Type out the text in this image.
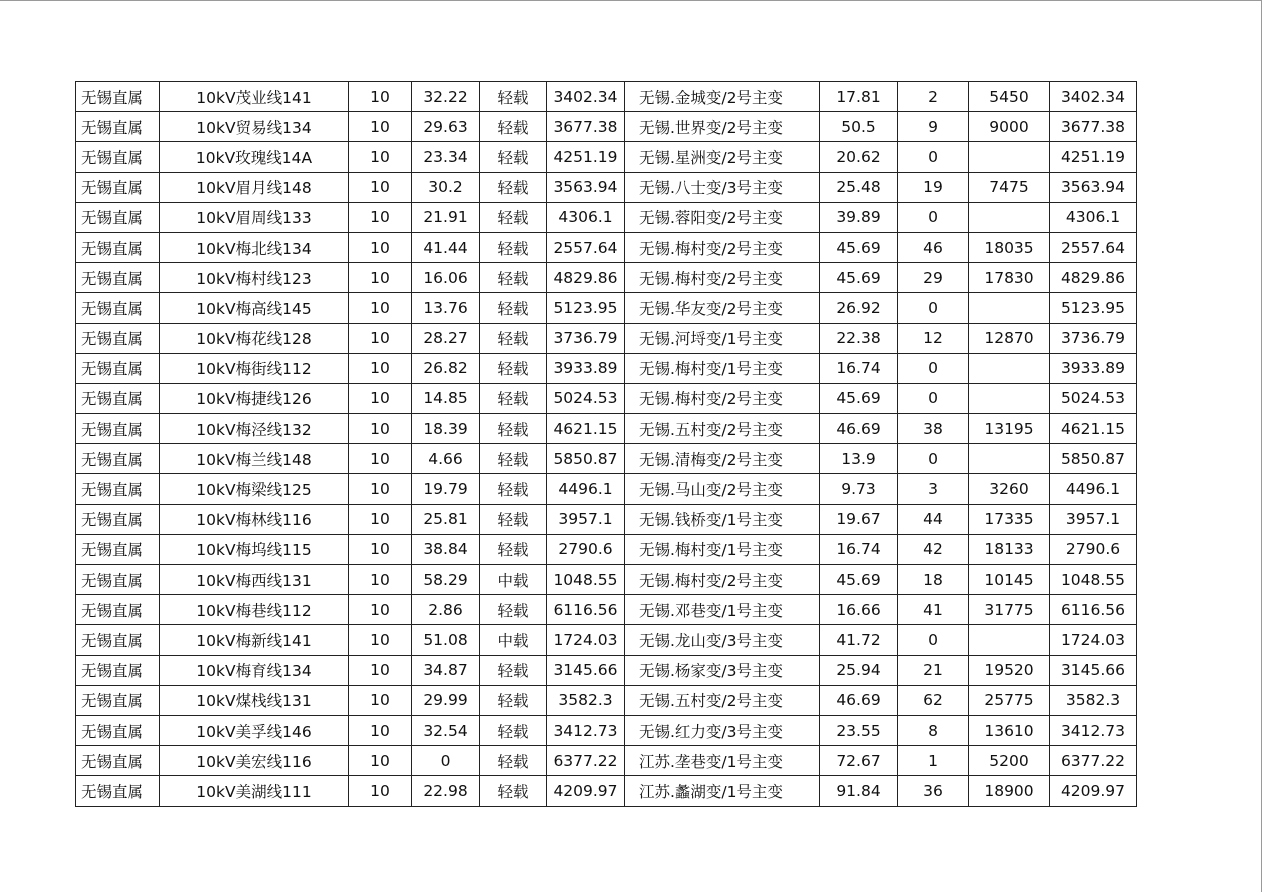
无锡直属	10kV茂业线141	10	32.22	轻载	3402.34	无锡.金城变/2号主变	17.81	2	5450	3402.34
无锡直属	10kV贸易线134	10	29.63	轻载	3677.38	无锡.世界变/2号主变	50.5	9	9000	3677.38
无锡直属	10kV玫瑰线14A	10	23.34	轻载	4251.19	无锡.星洲变/2号主变	20.62	0		4251.19
无锡直属	10kV眉月线148	10	30.2	轻载	3563.94	无锡.八士变/3号主变	25.48	19	7475	3563.94
无锡直属	10kV眉周线133	10	21.91	轻载	4306.1	无锡.蓉阳变/2号主变	39.89	0		4306.1
无锡直属	10kV梅北线134	10	41.44	轻载	2557.64	无锡.梅村变/2号主变	45.69	46	18035	2557.64
无锡直属	10kV梅村线123	10	16.06	轻载	4829.86	无锡.梅村变/2号主变	45.69	29	17830	4829.86
无锡直属	10kV梅高线145	10	13.76	轻载	5123.95	无锡.华友变/2号主变	26.92	0		5123.95
无锡直属	10kV梅花线128	10	28.27	轻载	3736.79	无锡.河埒变/1号主变	22.38	12	12870	3736.79
无锡直属	10kV梅街线112	10	26.82	轻载	3933.89	无锡.梅村变/1号主变	16.74	0		3933.89
无锡直属	10kV梅捷线126	10	14.85	轻载	5024.53	无锡.梅村变/2号主变	45.69	0		5024.53
无锡直属	10kV梅泾线132	10	18.39	轻载	4621.15	无锡.五村变/2号主变	46.69	38	13195	4621.15
无锡直属	10kV梅兰线148	10	4.66	轻载	5850.87	无锡.清梅变/2号主变	13.9	0		5850.87
无锡直属	10kV梅梁线125	10	19.79	轻载	4496.1	无锡.马山变/2号主变	9.73	3	3260	4496.1
无锡直属	10kV梅林线116	10	25.81	轻载	3957.1	无锡.钱桥变/1号主变	19.67	44	17335	3957.1
无锡直属	10kV梅坞线115	10	38.84	轻载	2790.6	无锡.梅村变/1号主变	16.74	42	18133	2790.6
无锡直属	10kV梅西线131	10	58.29	中载	1048.55	无锡.梅村变/2号主变	45.69	18	10145	1048.55
无锡直属	10kV梅巷线112	10	2.86	轻载	6116.56	无锡.邓巷变/1号主变	16.66	41	31775	6116.56
无锡直属	10kV梅新线141	10	51.08	中载	1724.03	无锡.龙山变/3号主变	41.72	0		1724.03
无锡直属	10kV梅育线134	10	34.87	轻载	3145.66	无锡.杨家变/3号主变	25.94	21	19520	3145.66
无锡直属	10kV煤栈线131	10	29.99	轻载	3582.3	无锡.五村变/2号主变	46.69	62	25775	3582.3
无锡直属	10kV美孚线146	10	32.54	轻载	3412.73	无锡.红力变/3号主变	23.55	8	13610	3412.73
无锡直属	10kV美宏线116	10	0	轻载	6377.22	江苏.垄巷变/1号主变	72.67	1	5200	6377.22
无锡直属	10kV美湖线111	10	22.98	轻载	4209.97	江苏.蠡湖变/1号主变	91.84	36	18900	4209.97
